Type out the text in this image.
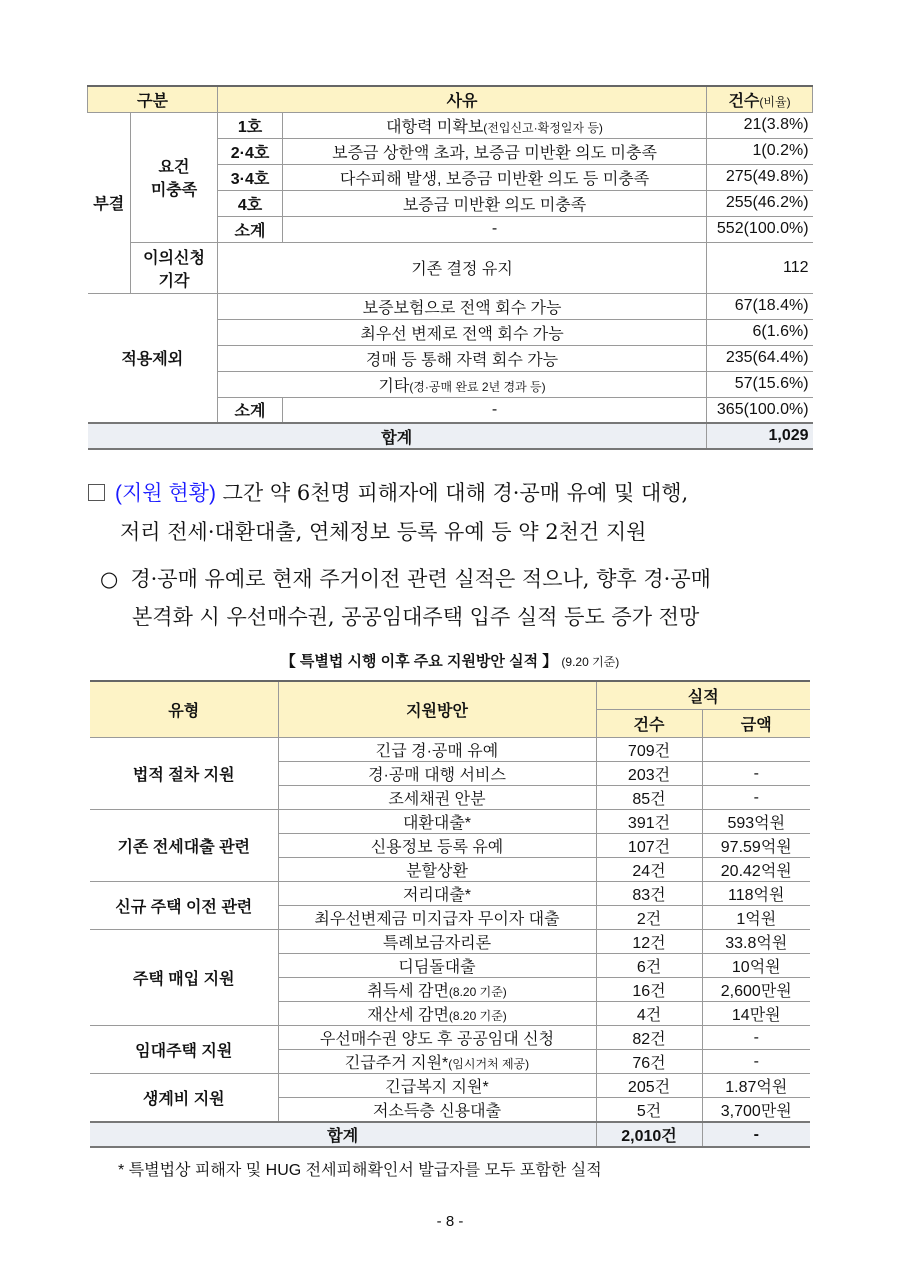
구분		사유		건수(비율)
부결	요건 미충족	1호	대항력 미확보(전입신고·확정일자 등)	21(3.8%)
		2·4호	보증금 상한액 초과, 보증금 미반환 의도 미충족	1(0.2%)
		3·4호	다수피해 발생, 보증금 미반환 의도 등 미충족	275(49.8%)
		4호	보증금 미반환 의도 미충족	255(46.2%)
		소계	-	552(100.0%)
	이의신청 기각	기존 결정 유지		112
적용제외		보증보험으로 전액 회수 가능		67(18.4%)
		최우선 변제로 전액 회수 가능		6(1.6%)
		경매 등 통해 자력 회수 가능		235(64.4%)
		기타(경·공매 완료 2년 경과 등)		57(15.6%)
		소계	-	365(100.0%)
합계				1,029
(지원 현황) 그간 약 6천명 피해자에 대해 경·공매 유예 및 대행,
저리 전세·대환대출, 연체정보 등록 유예 등 약 2천건 지원
○ 경·공매 유예로 현재 주거이전 관련 실적은 적으나, 향후 경·공매
본격화 시 우선매수권, 공공임대주택 입주 실적 등도 증가 전망
【 특별법 시행 이후 주요 지원방안 실적 】 (9.20 기준)
유형	지원방안	실적	
		건수	금액
법적 절차 지원	긴급 경·공매 유예	709건	
	경·공매 대행 서비스	203건	-
	조세채권 안분	85건	-
기존 전세대출 관련	대환대출*	391건	593억원
	신용정보 등록 유예	107건	97.59억원
	분할상환	24건	20.42억원
신규 주택 이전 관련	저리대출*	83건	118억원
	최우선변제금 미지급자 무이자 대출	2건	1억원
주택 매입 지원	특례보금자리론	12건	33.8억원
	디딤돌대출	6건	10억원
	취득세 감면(8.20 기준)	16건	2,600만원
	재산세 감면(8.20 기준)	4건	14만원
임대주택 지원	우선매수권 양도 후 공공임대 신청	82건	-
	긴급주거 지원*(임시거처 제공)	76건	-
생계비 지원	긴급복지 지원*	205건	1.87억원
	저소득층 신용대출	5건	3,700만원
합계		2,010건	-
* 특별법상 피해자 및 HUG 전세피해확인서 발급자를 모두 포함한 실적
- 8 -
